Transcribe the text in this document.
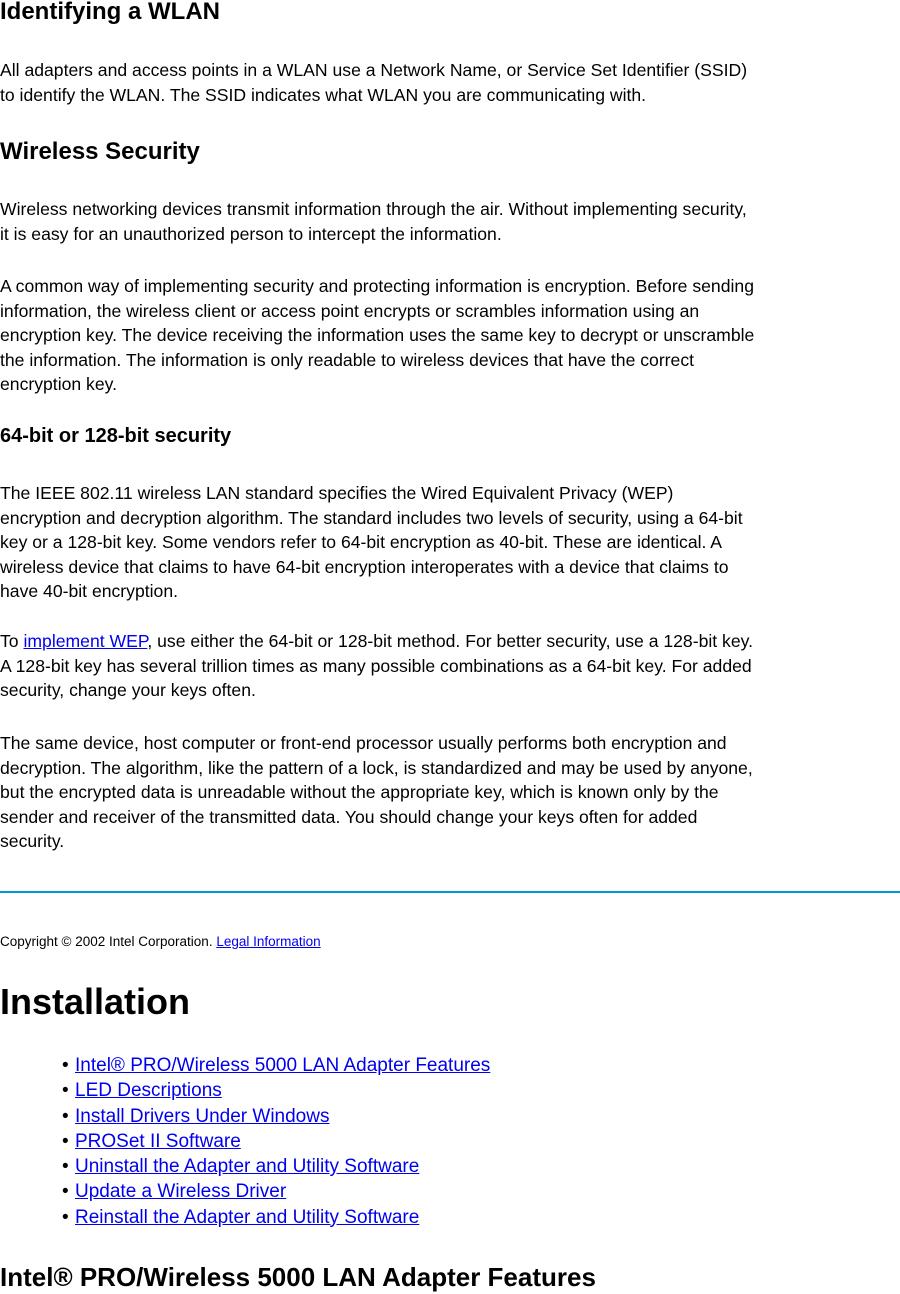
Identifying a WLAN

All adapters and access points in a WLAN use a Network Name, or Service Set Identifier (SSID)
to identify the WLAN. The SSID indicates what WLAN you are communicating with.

Wireless Security

Wireless networking devices transmit information through the air. Without implementing security,
it is easy for an unauthorized person to intercept the information.

A common way of implementing security and protecting information is encryption. Before sending
information, the wireless client or access point encrypts or scrambles information using an
encryption key. The device receiving the information uses the same key to decrypt or unscramble
the information. The information is only readable to wireless devices that have the correct
encryption key.

64-bit or 128-bit security

The IEEE 802.11 wireless LAN standard specifies the Wired Equivalent Privacy (WEP)
encryption and decryption algorithm. The standard includes two levels of security, using a 64-bit
key or a 128-bit key. Some vendors refer to 64-bit encryption as 40-bit. These are identical. A
wireless device that claims to have 64-bit encryption interoperates with a device that claims to
have 40-bit encryption.

To implement WEP, use either the 64-bit or 128-bit method. For better security, use a 128-bit key.
A 128-bit key has several trillion times as many possible combinations as a 64-bit key. For added
security, change your keys often.

The same device, host computer or front-end processor usually performs both encryption and
decryption. The algorithm, like the pattern of a lock, is standardized and may be used by anyone,
but the encrypted data is unreadable without the appropriate key, which is known only by the
sender and receiver of the transmitted data. You should change your keys often for added
security.

Copyright © 2002 Intel Corporation. Legal Information
Installation
• Intel® PRO/Wireless 5000 LAN Adapter Features
• LED Descriptions
• Install Drivers Under Windows
• PROSet II Software
• Uninstall the Adapter and Utility Software
• Update a Wireless Driver
• Reinstall the Adapter and Utility Software
Intel® PRO/Wireless 5000 LAN Adapter Features
